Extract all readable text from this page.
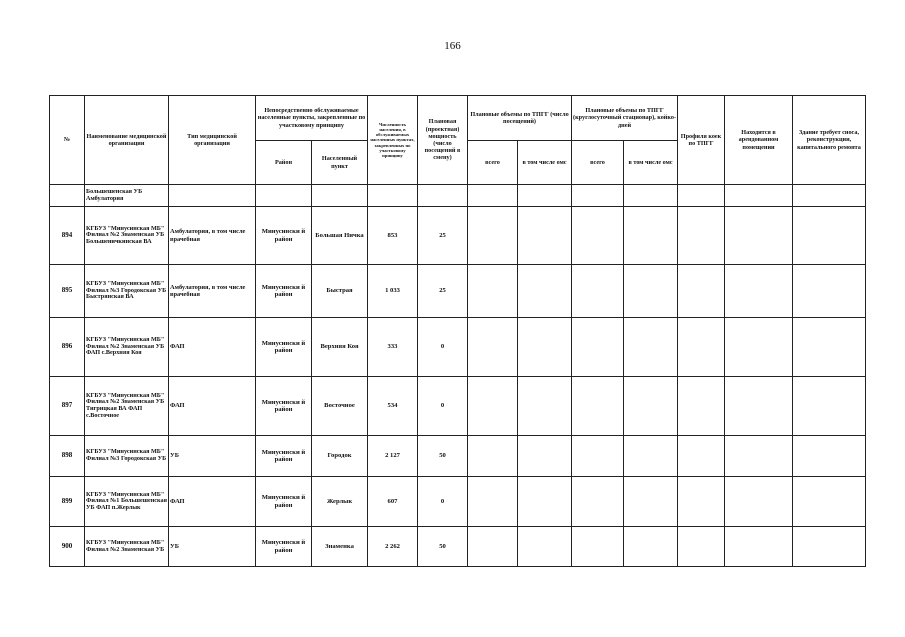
166
№	Наименование медицинской организации	Тип медицинской организации	Непосредственно обслуживаемые населенные пункты, закрепленные по участковому принципу		Численность населения, в обслуживаемых населенных пунктах, закрепленных по участковому принципу	Плановая (проектная) мощность (число посещений в смену)	Плановые объемы по ТПГГ (число посещений)		Плановые объемы по ТПГГ (круглосуточный стационар), койко-дней		Профиля коек по ТПГГ	Находится в арендованном помещении	Здание требует сноса, реконструкции, капитального ремонта
			Район	Населенный пункт			всего	в том числе омс	всего	в том числе омс			
	Большешенская УБ Амбулатория												
894	КГБУЗ "Минусинская МБ" Филиал №2 Знаменская УБ Большеничкинская ВА	Амбулатория, в том числе врачебная	Минусински й район	Большая Ничка	853	25							
895	КГБУЗ "Минусинская МБ" Филиал №3 Городокская УБ Быстрянская ВА	Амбулатория, в том числе врачебная	Минусински й район	Быстрая	1 033	25							
896	КГБУЗ "Минусинская МБ" Филиал №2 Знаменская УБ ФАП с.Верхняя Коя	ФАП	Минусински й район	Верхняя Коя	333	0							
897	КГБУЗ "Минусинская МБ" Филиал №2 Знаменская УБ Тигрицкая ВА ФАП с.Восточное	ФАП	Минусински й район	Восточное	534	0							
898	КГБУЗ "Минусинская МБ" Филиал №3 Городокская УБ	УБ	Минусински й район	Городок	2 127	50							
899	КГБУЗ "Минусинская МБ" Филиал №1 Большешенская УБ ФАП п.Жерлык	ФАП	Минусински й район	Жерлык	607	0							
900	КГБУЗ "Минусинская МБ" Филиал №2 Знаменская УБ	УБ	Минусински й район	Знаменка	2 262	50							
